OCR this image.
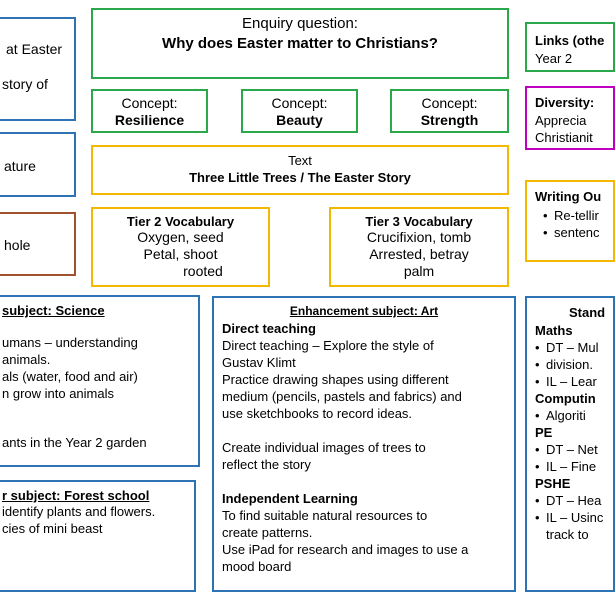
Enquiry question:
Why does Easter matter to Christians?
Concept:
Resilience
Concept:
Beauty
Concept:
Strength
Text
Three Little Trees / The Easter Story
Tier 2 Vocabulary
Oxygen, seed
Petal, shoot
rooted
Tier 3 Vocabulary
Crucifixion, tomb
Arrested, betray
palm
at Easter
story of
ature
hole
subject: Science
umans – understanding
animals.
als (water, food and air)
n grow into animals
ants in the Year 2 garden
r subject: Forest school
identify plants and flowers.
cies of mini beast
Enhancement subject: Art
Direct teaching
Direct teaching – Explore the style of
Gustav Klimt
Practice drawing shapes using different
medium (pencils, pastels and fabrics) and
use sketchbooks to record ideas.
Create individual images of trees to
reflect the story
Independent Learning
To find suitable natural resources to
create patterns.
Use iPad for research and images to use a
mood board
Links (othe
Year 2
Diversity:
Apprecia
Christianit
Writing Ou
• Re-tellir
• sentenc
Stand
Maths
• DT – Mul
• division.
• IL – Lear
Computin
• Algoriti
PE
• DT – Net
• IL – Fine
PSHE
• DT – Hea
• IL – Usinc
track to
